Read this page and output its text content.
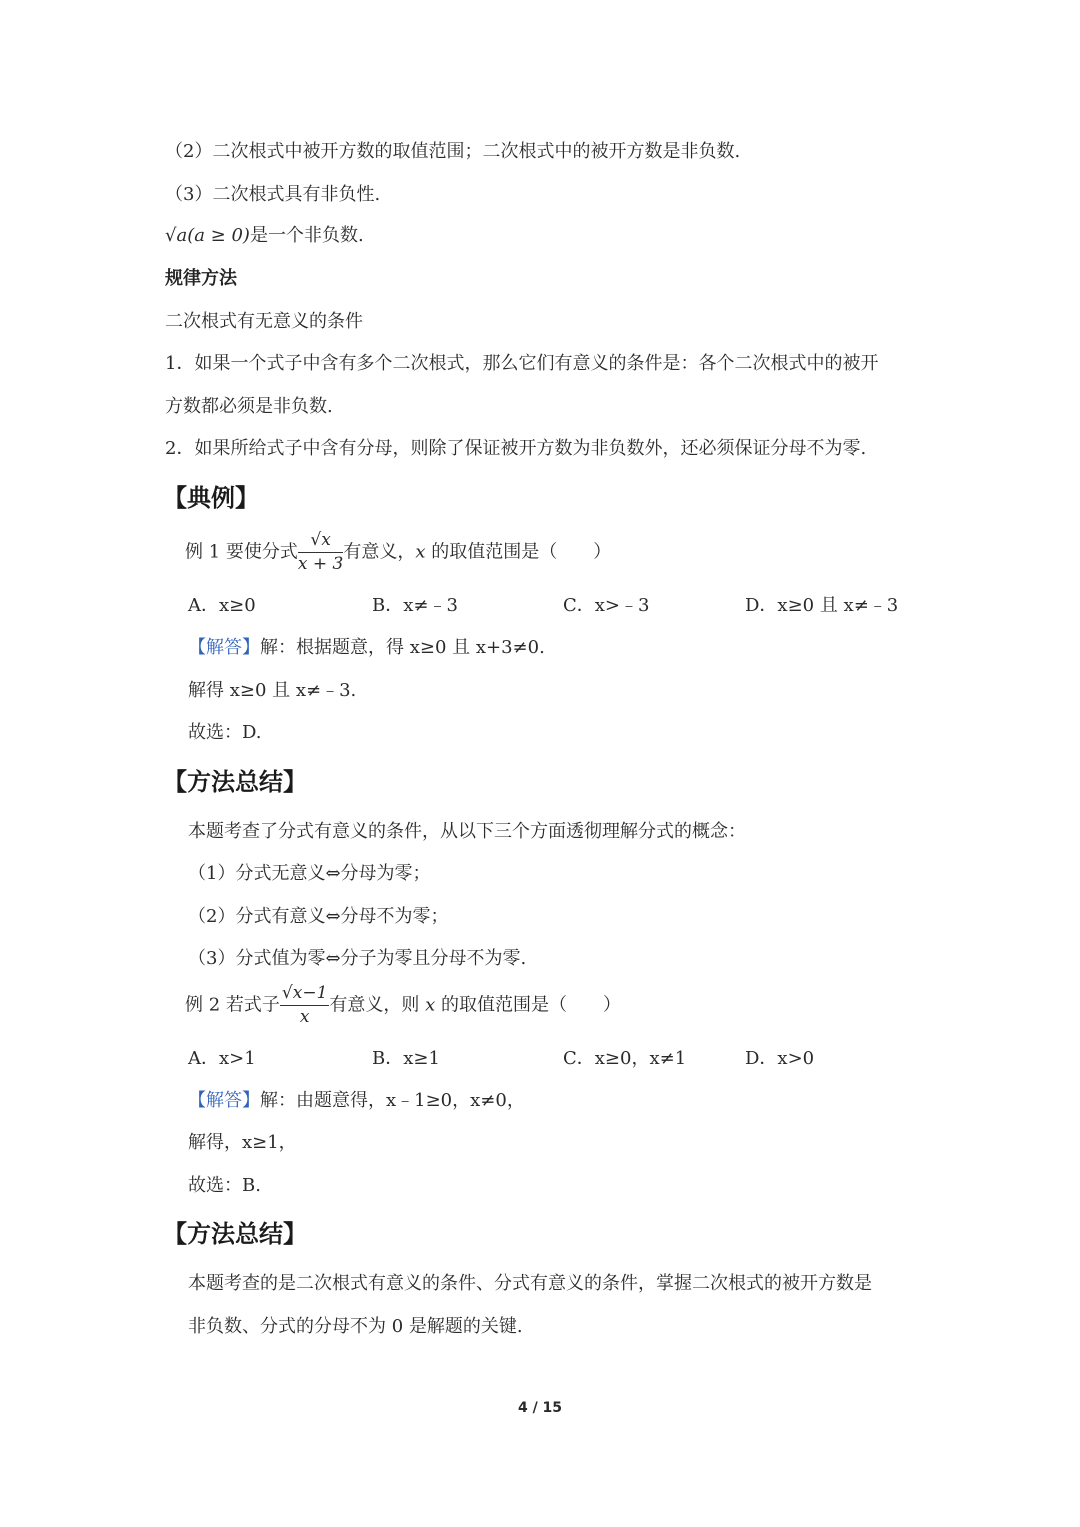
（2）二次根式中被开方数的取值范围；二次根式中的被开方数是非负数.
（3）二次根式具有非负性.
√a(a ≥ 0)是一个非负数.
规律方法
二次根式有无意义的条件
1．如果一个式子中含有多个二次根式，那么它们有意义的条件是：各个二次根式中的被开
方数都必须是非负数.
2．如果所给式子中含有分母，则除了保证被开方数为非负数外，还必须保证分母不为零.
【典例】
例 1 要使分式 $\frac{√x}{x + 3}$ 有意义，x 的取值范围是（　　）
A．x≥0	B．x≠﹣3	C．x>﹣3	D．x≥0 且 x≠﹣3
【解答】解：根据题意，得 x≥0 且 x+3≠0.
解得 x≥0 且 x≠﹣3.
故选：D.
【方法总结】
本题考查了分式有意义的条件，从以下三个方面透彻理解分式的概念：
（1）分式无意义⇔分母为零；
（2）分式有意义⇔分母不为零；
（3）分式值为零⇔分子为零且分母不为零.
例 2 若式子 $\frac{√x-1}{x}$ 有意义，则 x 的取值范围是（　　）
A．x>1	B．x≥1	C．x≥0，x≠1	D．x>0
【解答】解：由题意得，x﹣1≥0，x≠0，
解得，x≥1，
故选：B.
【方法总结】
本题考查的是二次根式有意义的条件、分式有意义的条件，掌握二次根式的被开方数是
非负数、分式的分母不为 0 是解题的关键.
4 / 15
